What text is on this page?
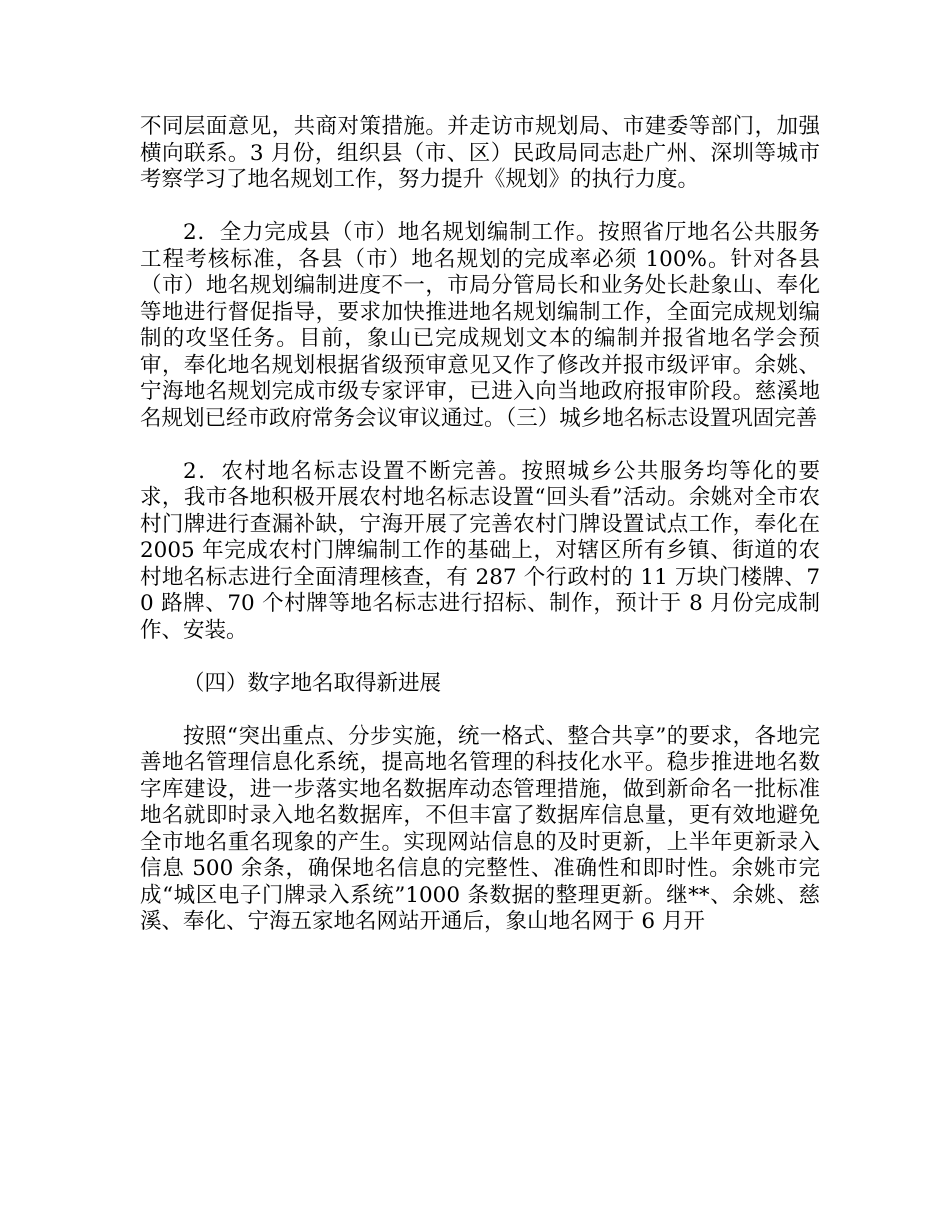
不同层面意见，共商对策措施。并走访市规划局、市建委等部门，加强横向联系。3 月份，组织县（市、区）民政局同志赴广州、深圳等城市考察学习了地名规划工作，努力提升《规划》的执行力度。

2．全力完成县（市）地名规划编制工作。按照省厅地名公共服务工程考核标准，各县（市）地名规划的完成率必须 100%。针对各县（市）地名规划编制进度不一，市局分管局长和业务处长赴象山、奉化等地进行督促指导，要求加快推进地名规划编制工作，全面完成规划编制的攻坚任务。目前，象山已完成规划文本的编制并报省地名学会预审，奉化地名规划根据省级预审意见又作了修改并报市级评审。余姚、宁海地名规划完成市级专家评审，已进入向当地政府报审阶段。慈溪地名规划已经市政府常务会议审议通过。（三）城乡地名标志设置巩固完善

2．农村地名标志设置不断完善。按照城乡公共服务均等化的要求，我市各地积极开展农村地名标志设置“回头看”活动。余姚对全市农村门牌进行查漏补缺，宁海开展了完善农村门牌设置试点工作，奉化在 2005 年完成农村门牌编制工作的基础上，对辖区所有乡镇、街道的农村地名标志进行全面清理核查，有 287 个行政村的 11 万块门楼牌、70 路牌、70 个村牌等地名标志进行招标、制作，预计于 8 月份完成制作、安装。

（四）数字地名取得新进展

按照“突出重点、分步实施，统一格式、整合共享”的要求，各地完善地名管理信息化系统，提高地名管理的科技化水平。稳步推进地名数字库建设，进一步落实地名数据库动态管理措施，做到新命名一批标准地名就即时录入地名数据库，不但丰富了数据库信息量，更有效地避免全市地名重名现象的产生。实现网站信息的及时更新，上半年更新录入信息 500 余条，确保地名信息的完整性、准确性和即时性。余姚市完成“城区电子门牌录入系统”1000 条数据的整理更新。继**、余姚、慈溪、奉化、宁海五家地名网站开通后，象山地名网于 6 月开
